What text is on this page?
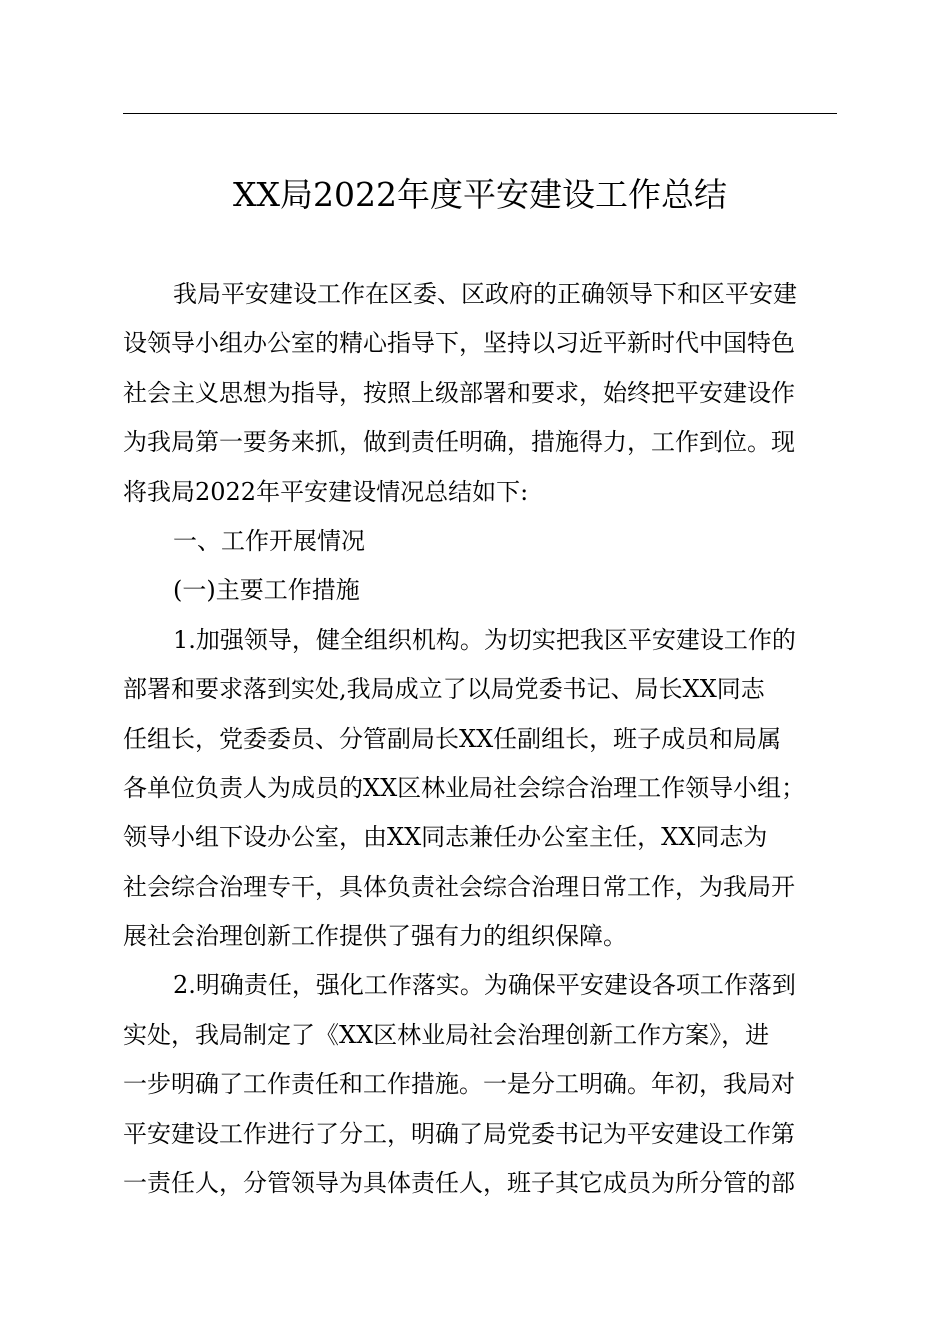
XX局2022年度平安建设工作总结
我局平安建设工作在区委、区政府的正确领导下和区平安建
设领导小组办公室的精心指导下，坚持以习近平新时代中国特色
社会主义思想为指导，按照上级部署和要求，始终把平安建设作
为我局第一要务来抓，做到责任明确，措施得力，工作到位。现
将我局2022年平安建设情况总结如下:
一、工作开展情况
(一)主要工作措施
1.加强领导，健全组织机构。为切实把我区平安建设工作的
部署和要求落到实处,我局成立了以局党委书记、局长XX同志
任组长，党委委员、分管副局长XX任副组长，班子成员和局属
各单位负责人为成员的XX区林业局社会综合治理工作领导小组；
领导小组下设办公室，由XX同志兼任办公室主任，XX同志为
社会综合治理专干，具体负责社会综合治理日常工作，为我局开
展社会治理创新工作提供了强有力的组织保障。
2.明确责任，强化工作落实。为确保平安建设各项工作落到
实处，我局制定了《XX区林业局社会治理创新工作方案》，进
一步明确了工作责任和工作措施。一是分工明确。年初，我局对
平安建设工作进行了分工，明确了局党委书记为平安建设工作第
一责任人，分管领导为具体责任人，班子其它成员为所分管的部
